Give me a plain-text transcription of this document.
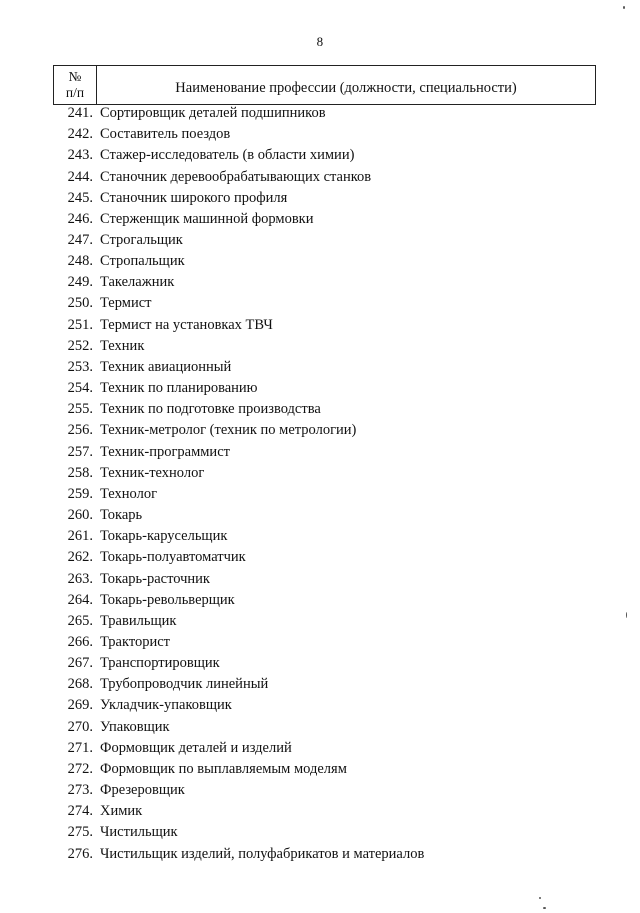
8
№
п/п	Наименование профессии (должности, специальности)
241. Сортировщик деталей подшипников
242. Составитель поездов
243. Стажер-исследователь (в области химии)
244. Станочник деревообрабатывающих станков
245. Станочник широкого профиля
246. Стерженщик машинной формовки
247. Строгальщик
248. Стропальщик
249. Такелажник
250. Термист
251. Термист на установках ТВЧ
252. Техник
253. Техник авиационный
254. Техник по планированию
255. Техник по подготовке производства
256. Техник-метролог (техник по метрологии)
257. Техник-программист
258. Техник-технолог
259. Технолог
260. Токарь
261. Токарь-карусельщик
262. Токарь-полуавтоматчик
263. Токарь-расточник
264. Токарь-револьверщик
265. Травильщик
266. Тракторист
267. Транспортировщик
268. Трубопроводчик линейный
269. Укладчик-упаковщик
270. Упаковщик
271. Формовщик деталей и изделий
272. Формовщик по выплавляемым моделям
273. Фрезеровщик
274. Химик
275. Чистильщик
276. Чистильщик изделий, полуфабрикатов и материалов
